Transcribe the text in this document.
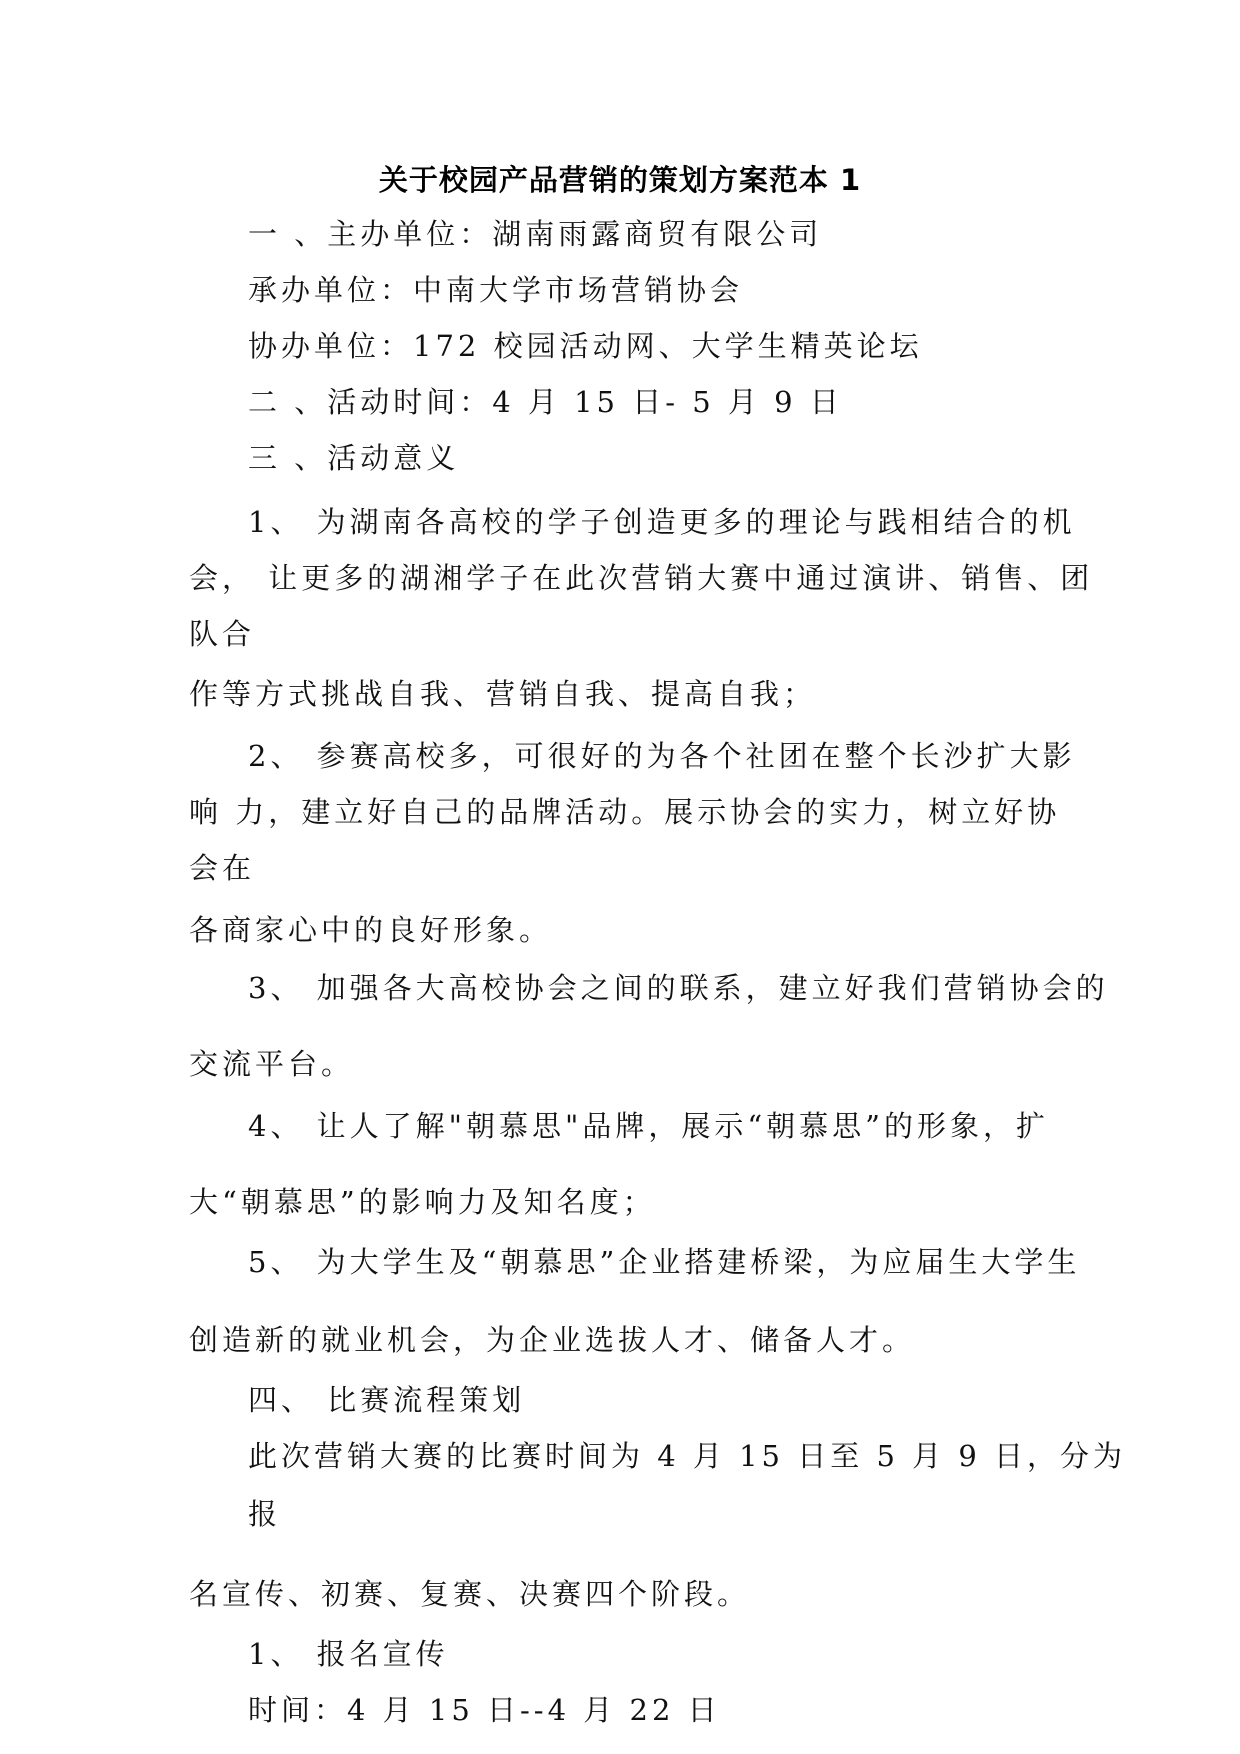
关于校园产品营销的策划方案范本 1
一 、主办单位：湖南雨露商贸有限公司
承办单位：中南大学市场营销协会
协办单位：172 校园活动网、大学生精英论坛
二 、活动时间：4 月 15 日- 5 月 9 日
三 、活动意义
1、 为湖南各高校的学子创造更多的理论与践相结合的机
会， 让更多的湖湘学子在此次营销大赛中通过演讲、销售、团
队合
作等方式挑战自我、营销自我、提高自我；
2、 参赛高校多，可很好的为各个社团在整个长沙扩大影
响 力，建立好自己的品牌活动。展示协会的实力，树立好协
会在
各商家心中的良好形象。
3、 加强各大高校协会之间的联系，建立好我们营销协会的
交流平台。
4、 让人了解"朝慕思"品牌，展示“朝慕思”的形象，扩
大“朝慕思”的影响力及知名度；
5、 为大学生及“朝慕思”企业搭建桥梁，为应届生大学生
创造新的就业机会，为企业选拔人才、储备人才。
四、 比赛流程策划
此次营销大赛的比赛时间为 4 月 15 日至 5 月 9 日，分为
报
名宣传、初赛、复赛、决赛四个阶段。
1、 报名宣传
时间：4 月 15 日--4 月 22 日
